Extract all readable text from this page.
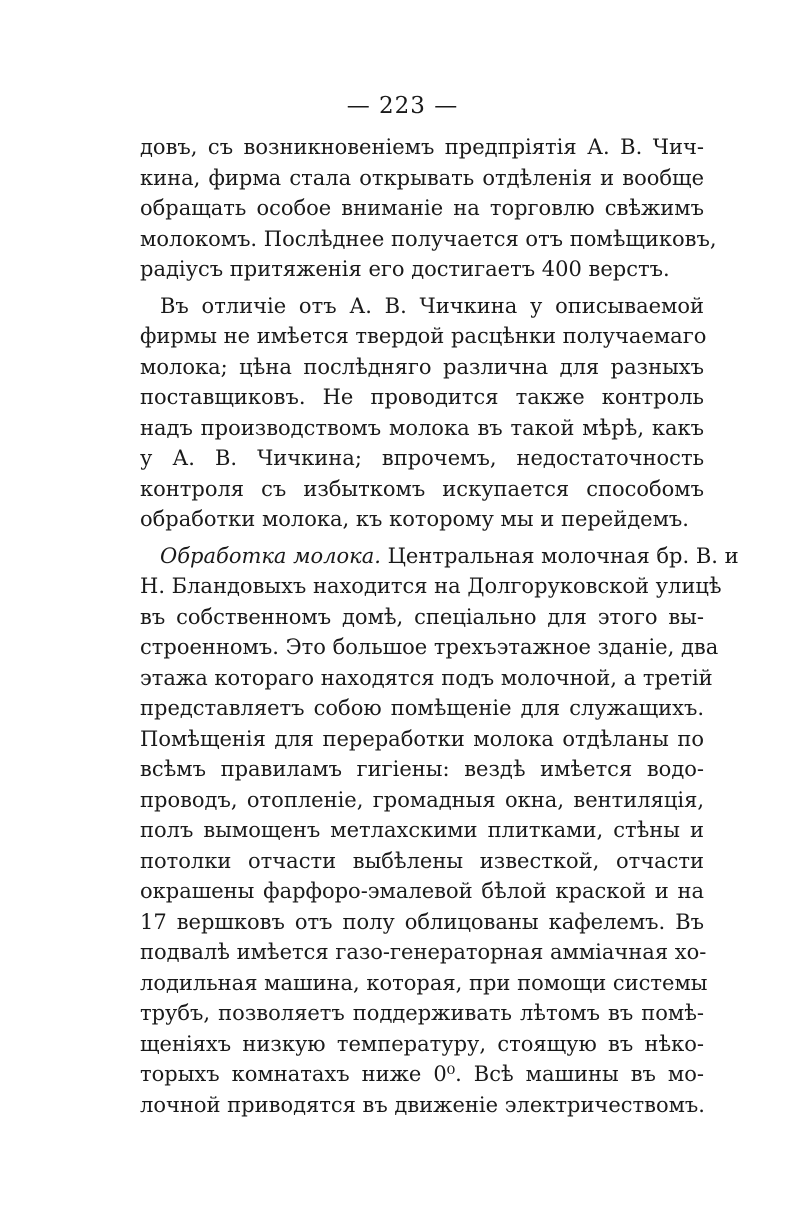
— 223 —
довъ, съ возникновенiемъ предпрiятiя А. В. Чич-
кина, фирма стала открывать отдѣленiя и вообще
обращать особое вниманiе на торговлю свѣжимъ
молокомъ. Послѣднее получается отъ помѣщиковъ,
радiусъ притяженiя его достигаетъ 400 верстъ.
Въ отличiе отъ А. В. Чичкина у описываемой
фирмы не имѣется твердой расцѣнки получаемаго
молока; цѣна послѣдняго различна для разныхъ
поставщиковъ. Не проводится также контроль
надъ производствомъ молока въ такой мѣрѣ, какъ
у А. В. Чичкина; впрочемъ, недостаточность
контроля съ избыткомъ искупается способомъ
обработки молока, къ которому мы и перейдемъ.
Обработка молока. Центральная молочная бр. В. и
Н. Бландовыхъ находится на Долгоруковской улицѣ
въ собственномъ домѣ, спецiально для этого вы-
строенномъ. Это большое трехъэтажное зданiе, два
этажа котораго находятся подъ молочной, а третiй
представляетъ собою помѣщенiе для служащихъ.
Помѣщенiя для переработки молока отдѣланы по
всѣмъ правиламъ гигiены: вездѣ имѣется водо-
проводъ, отопленiе, громадныя окна, вентиляцiя,
полъ вымощенъ метлахскими плитками, стѣны и
потолки отчасти выбѣлены известкой, отчасти
окрашены фарфоро-эмалевой бѣлой краской и на
17 вершковъ отъ полу облицованы кафелемъ. Въ
подвалѣ имѣется газо-генераторная амміачная хо-
лодильная машина, которая, при помощи системы
трубъ, позволяетъ поддерживать лѣтомъ въ помѣ-
щенiяхъ низкую температуру, стоящую въ нѣко-
торыхъ комнатахъ ниже 0⁰. Всѣ машины въ мо-
лочной приводятся въ движенiе электричествомъ.
